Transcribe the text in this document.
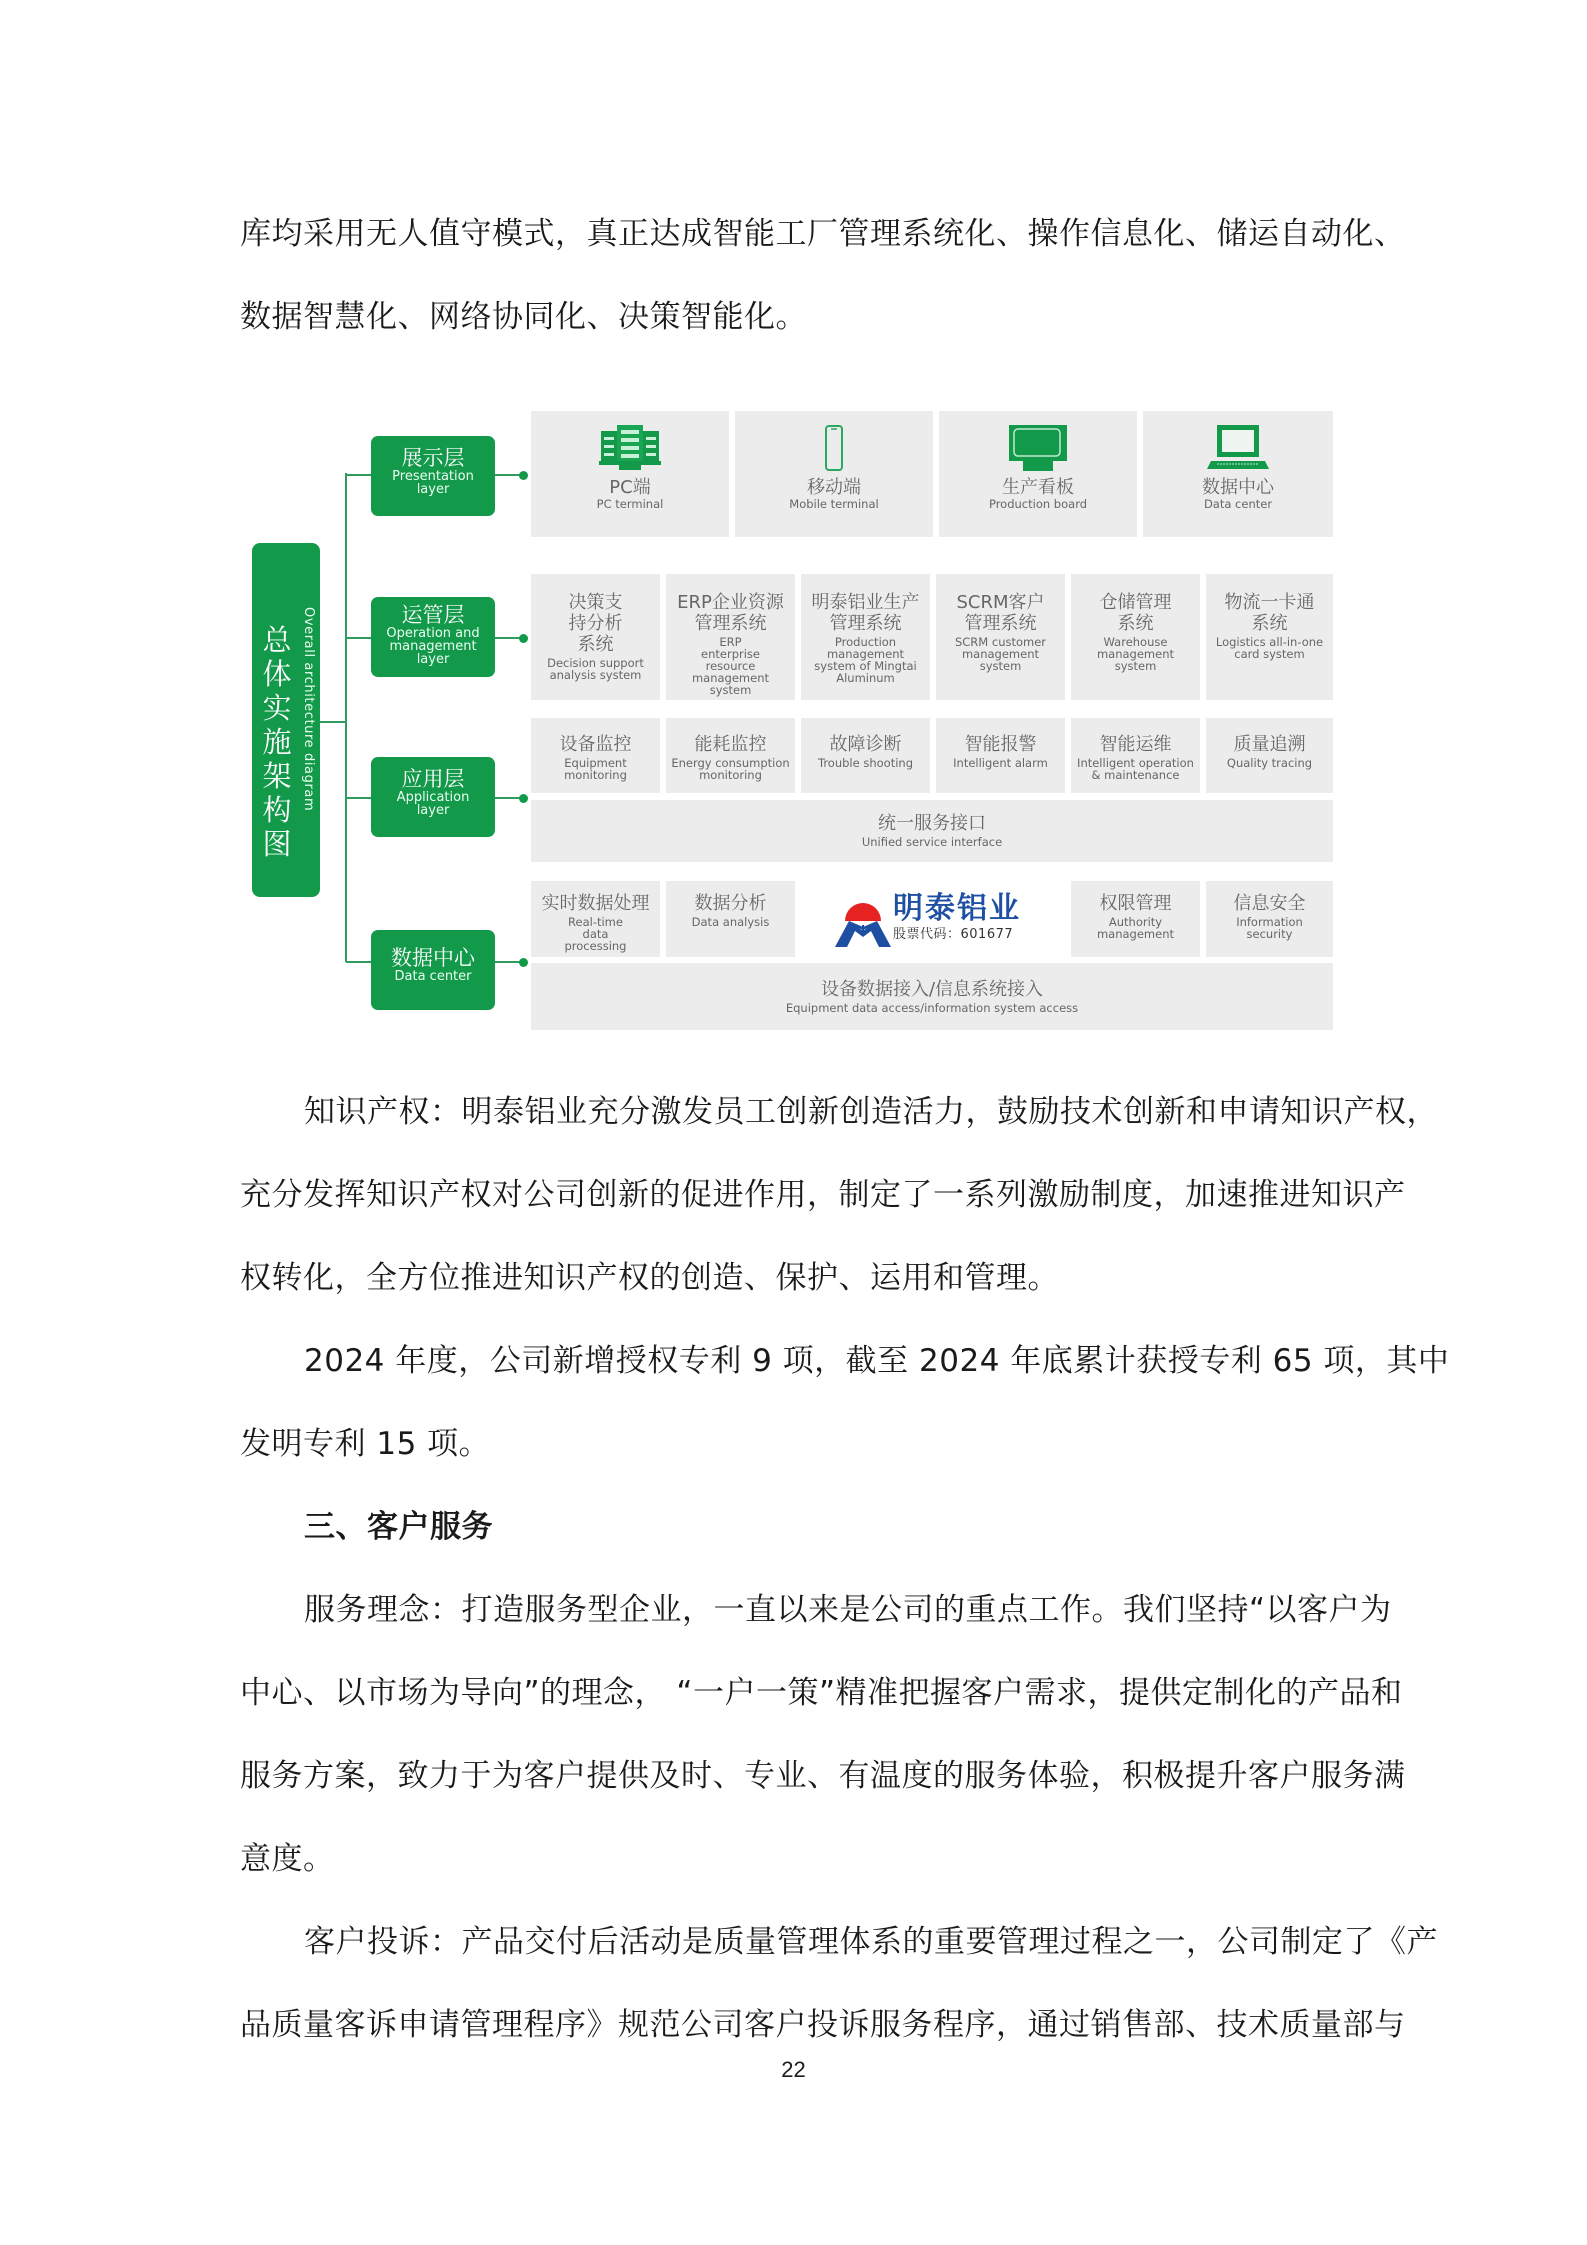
库均采用无人值守模式，真正达成智能工厂管理系统化、操作信息化、储运自动化、
数据智慧化、网络协同化、决策智能化。
总体实施架构图
Overall architecture diagram
展示层
Presentation layer
运管层
Operation and management layer
应用层
Application layer
数据中心
Data center
PC端
PC terminal
移动端
Mobile terminal
生产看板
Production board
数据中心
Data center
决策支持分析系统
Decision support analysis system
ERP企业资源管理系统
ERP enterprise resource management system
明泰铝业生产管理系统
Production management system of Mingtai Aluminum
SCRM客户管理系统
SCRM customer management system
仓储管理系统
Warehouse management system
物流一卡通系统
Logistics all-in-one card system
设备监控
Equipment monitoring
能耗监控
Energy consumption monitoring
故障诊断
Trouble shooting
智能报警
Intelligent alarm
智能运维
Intelligent operation & maintenance
质量追溯
Quality tracing
统一服务接口
Unified service interface
实时数据处理
Real-time data processing
数据分析
Data analysis	明泰铝业
股票代码：601677
权限管理
Authority management
信息安全
Information security
设备数据接入/信息系统接入
Equipment data access/information system access
知识产权：明泰铝业充分激发员工创新创造活力，鼓励技术创新和申请知识产权，
充分发挥知识产权对公司创新的促进作用，制定了一系列激励制度，加速推进知识产
权转化，全方位推进知识产权的创造、保护、运用和管理。
2024 年度，公司新增授权专利 9 项，截至 2024 年底累计获授专利 65 项，其中
发明专利 15 项。
三、客户服务
服务理念：打造服务型企业，一直以来是公司的重点工作。我们坚持“以客户为
中心、以市场为导向”的理念， “一户一策”精准把握客户需求，提供定制化的产品和
服务方案，致力于为客户提供及时、专业、有温度的服务体验，积极提升客户服务满
意度。
客户投诉：产品交付后活动是质量管理体系的重要管理过程之一，公司制定了《产
品质量客诉申请管理程序》规范公司客户投诉服务程序，通过销售部、技术质量部与
22
